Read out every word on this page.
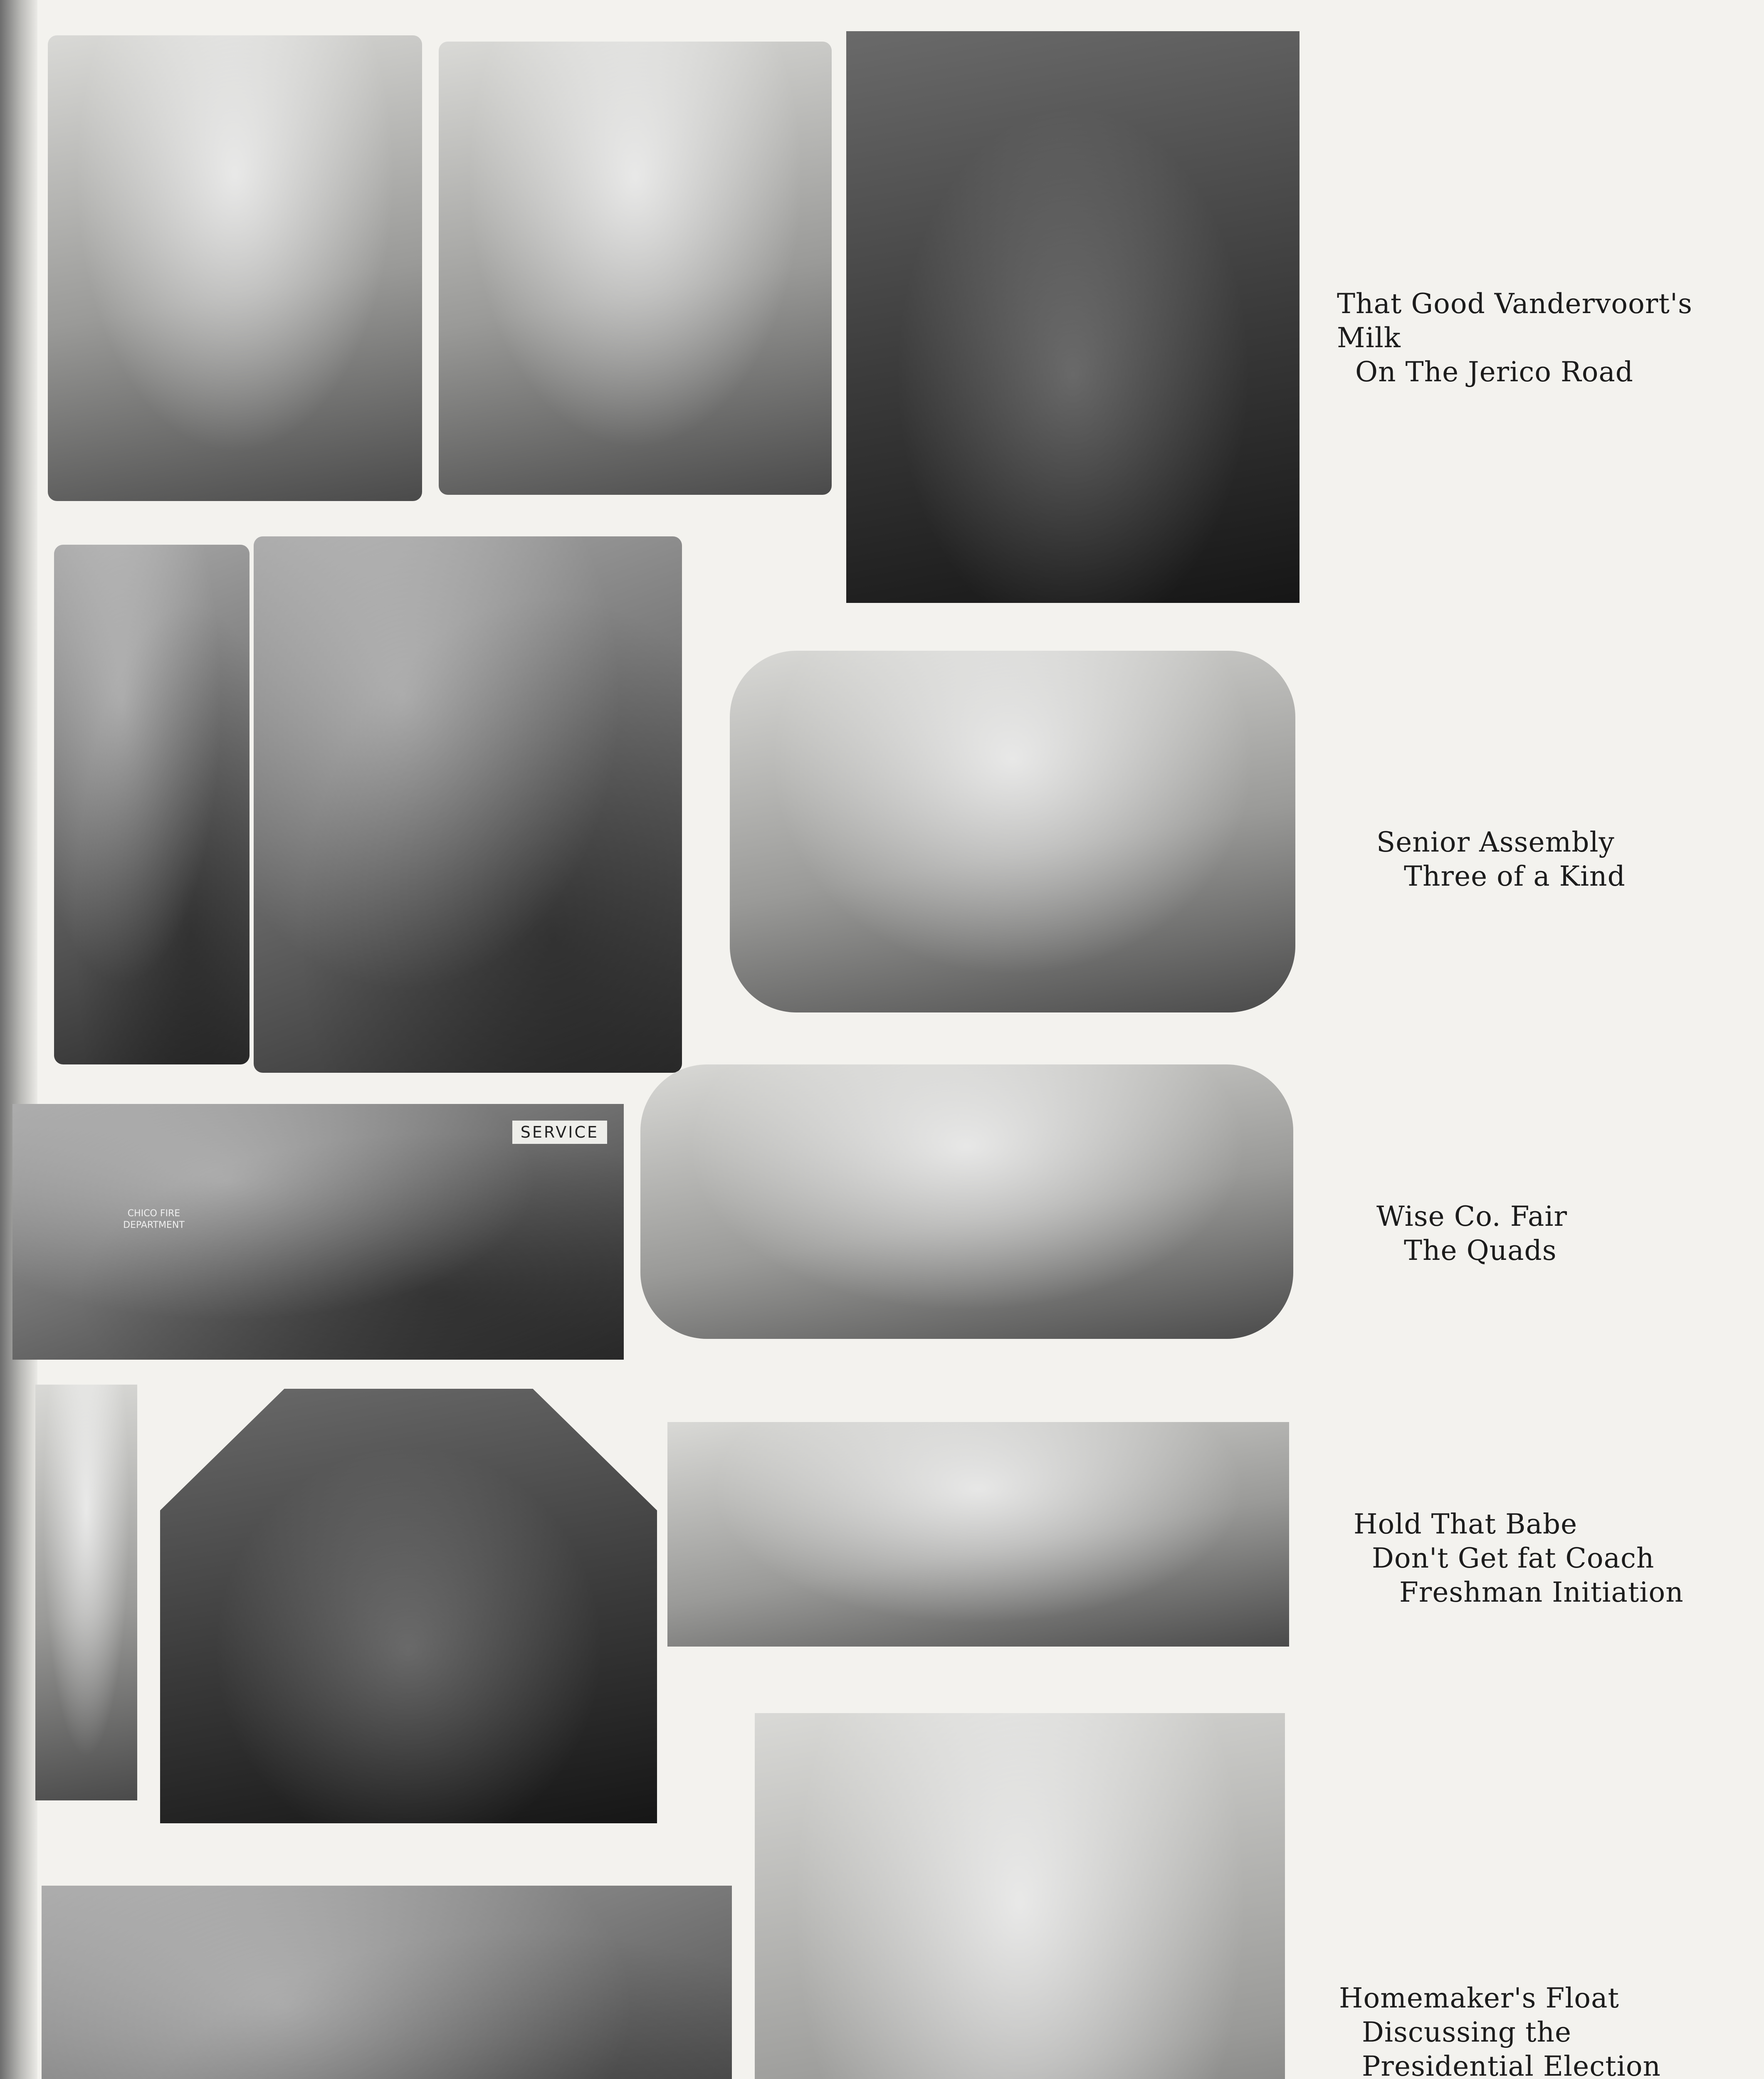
That Good Vandervoort's
Milk
On The Jerico Road
Senior Assembly
Three of a Kind
SERVICE
CHICO FIRE DEPARTMENT	Wise Co. Fair
The Quads
Hold That Babe
Don't Get fat Coach
Freshman Initiation
Homemaker's Float
Discussing the
Presidential Election
